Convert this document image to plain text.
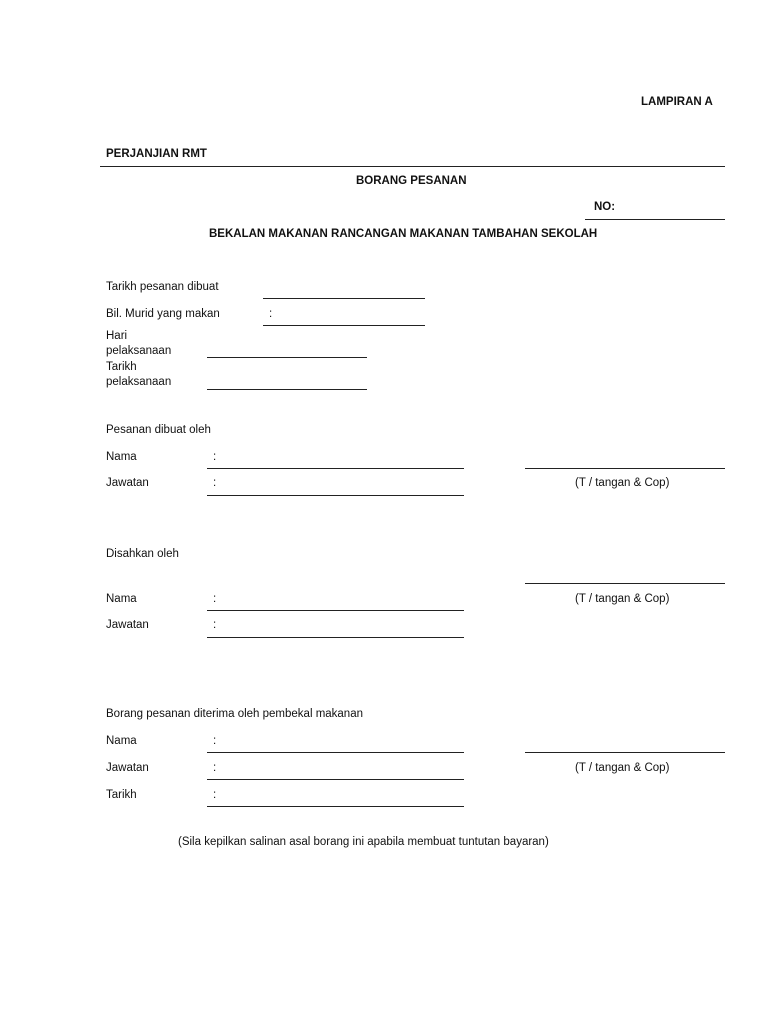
LAMPIRAN A
PERJANJIAN RMT
BORANG PESANAN
NO:
BEKALAN MAKANAN RANCANGAN MAKANAN TAMBAHAN SEKOLAH
Tarikh pesanan dibuat
Bil. Murid yang makan	:
Hari
pelaksanaan
Tarikh
pelaksanaan
Pesanan dibuat oleh
Nama	:
Jawatan	:	(T / tangan & Cop)
Disahkan oleh
Nama	:	(T / tangan & Cop)
Jawatan	:
Borang pesanan diterima oleh pembekal makanan
Nama	:
Jawatan	:	(T / tangan & Cop)
Tarikh	:
(Sila kepilkan salinan asal borang ini apabila membuat tuntutan bayaran)
